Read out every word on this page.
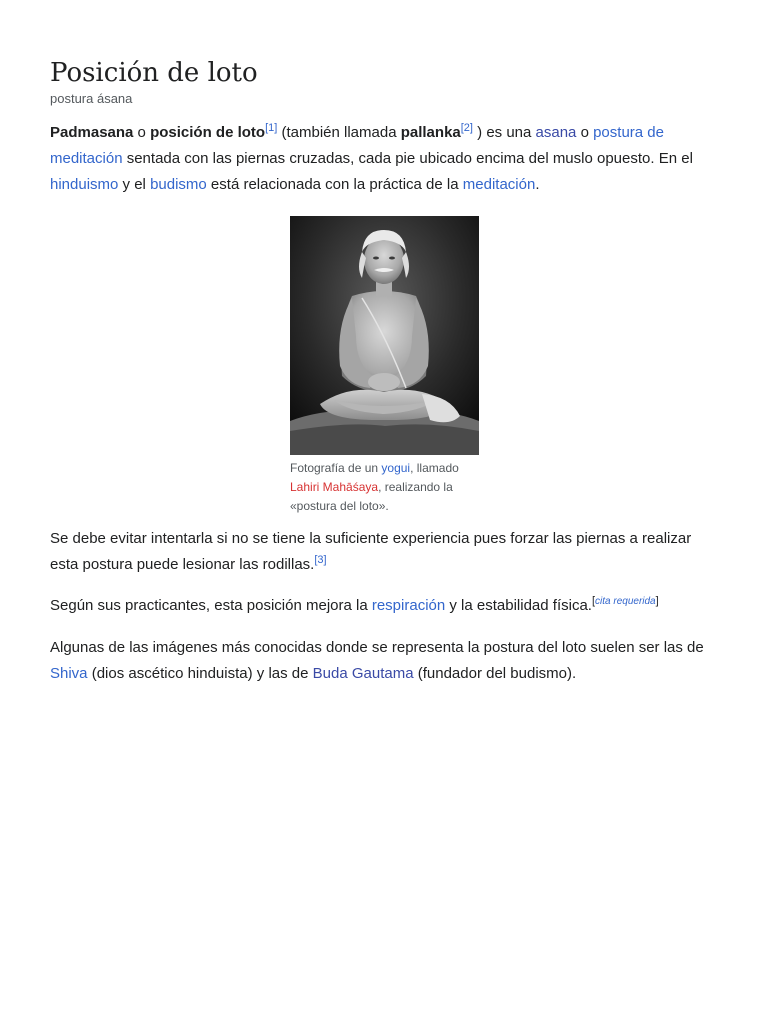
Posición de loto
postura ásana

Padmasana o posición de loto[1] (también llamada pallanka[2] ) es una asana o postura de meditación sentada con las piernas cruzadas, cada pie ubicado encima del muslo opuesto. En el hinduismo y el budismo está relacionada con la práctica de la meditación.

Fotografía de un yogui, llamado Lahiri Mahāśaya, realizando la «postura del loto».

Se debe evitar intentarla si no se tiene la suficiente experiencia pues forzar las piernas a realizar esta postura puede lesionar las rodillas.[3]

Según sus practicantes, esta posición mejora la respiración y la estabilidad física.[cita requerida]

Algunas de las imágenes más conocidas donde se representa la postura del loto suelen ser las de Shiva (dios ascético hinduista) y las de Buda Gautama (fundador del budismo).
